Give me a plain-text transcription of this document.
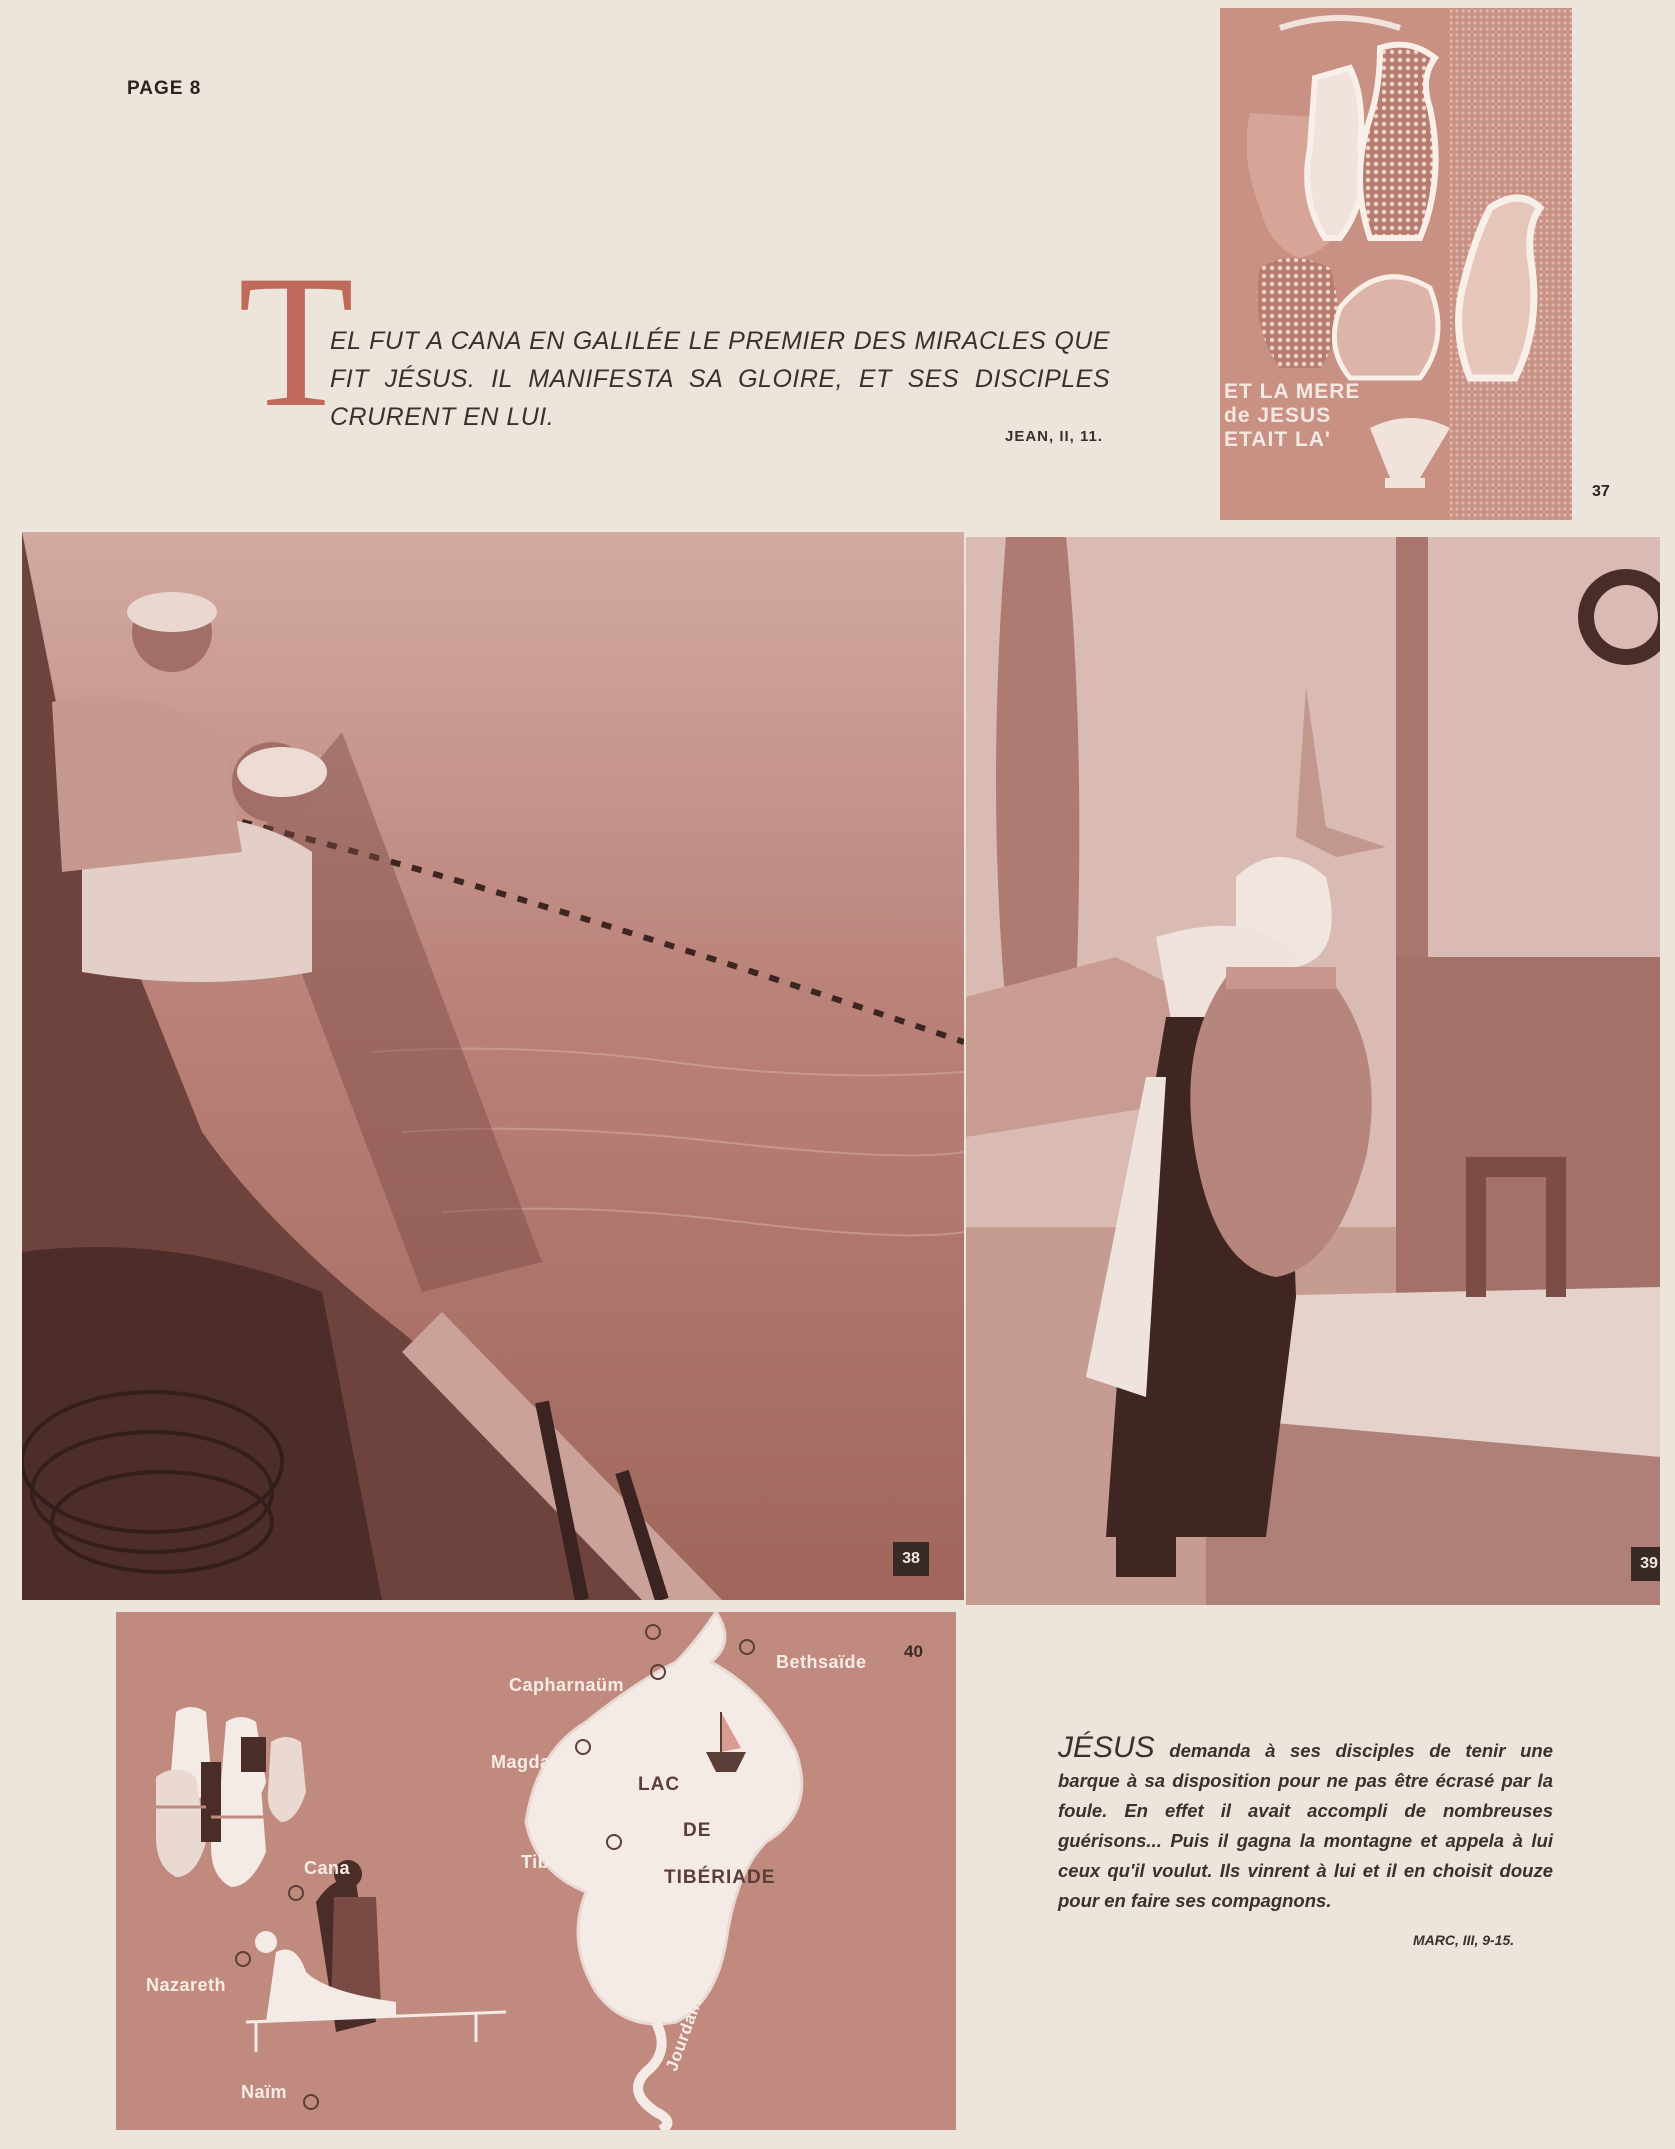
PAGE 8
T
EL FUT A CANA EN GALILÉE LE PREMIER DES MIRACLES QUE FIT JÉSUS. IL MANIFESTA SA GLOIRE, ET SES DISCIPLES CRURENT EN LUI.
JEAN, II, 11.
ET LA MERE
de JESUS
ETAIT LA'
37
38	39
40
Bethsaïde
Capharnaüm
Magdala
Tibériade
Cana
Nazareth
Naïm
Jourdain
LAC
DE
TIBÉRIADE
JÉSUS demanda à ses disciples de tenir une barque à sa disposition pour ne pas être écrasé par la foule. En effet il avait accompli de nombreuses guérisons... Puis il gagna la montagne et appela à lui ceux qu'il voulut. Ils vinrent à lui et il en choisit douze pour en faire ses compagnons.
MARC, III, 9-15.
